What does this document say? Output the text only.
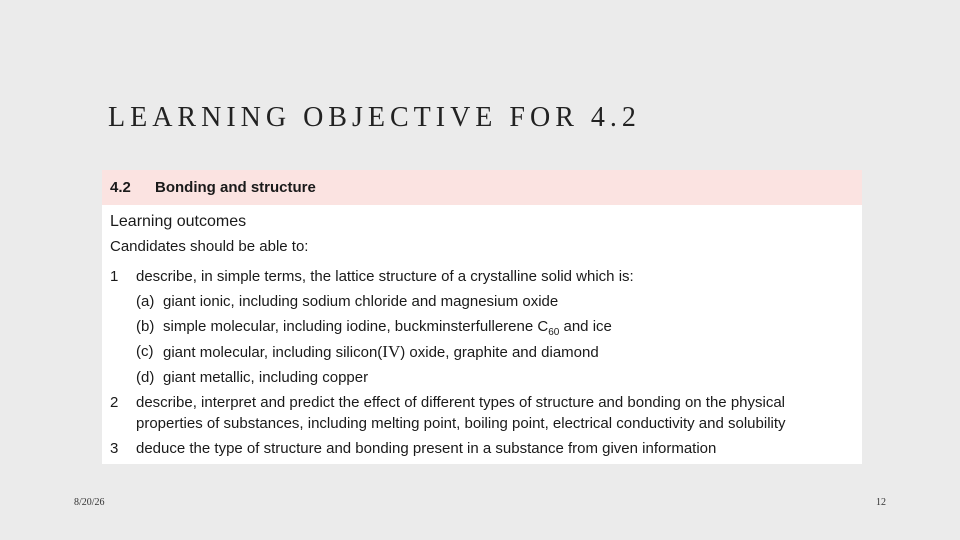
LEARNING OBJECTIVE FOR 4.2
4.2	Bonding and structure
Learning outcomes
Candidates should be able to:
1	describe, in simple terms, the lattice structure of a crystalline solid which is:
(a) giant ionic, including sodium chloride and magnesium oxide
(b) simple molecular, including iodine, buckminsterfullerene $C_{60}$ and ice
(c) giant molecular, including silicon(IV) oxide, graphite and diamond
(d) giant metallic, including copper
2	describe, interpret and predict the effect of different types of structure and bonding on the physical properties of substances, including melting point, boiling point, electrical conductivity and solubility
3	deduce the type of structure and bonding present in a substance from given information
8/20/26	12
